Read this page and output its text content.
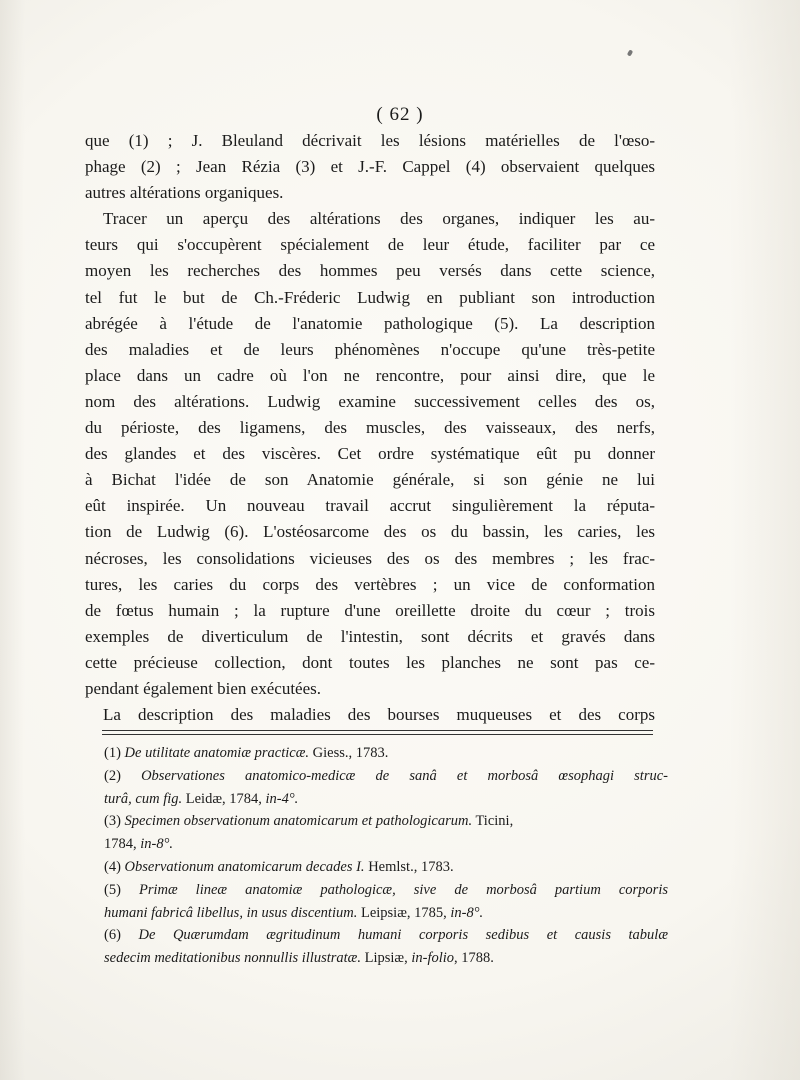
( 62 )
que (1) ; J. Bleuland décrivait les lésions matérielles de l'œso-
phage (2) ; Jean Rézia (3) et J.-F. Cappel (4) observaient quelques
autres altérations organiques.
Tracer un aperçu des altérations des organes, indiquer les au-
teurs qui s'occupèrent spécialement de leur étude, faciliter par ce
moyen les recherches des hommes peu versés dans cette science,
tel fut le but de Ch.-Fréderic Ludwig en publiant son introduction
abrégée à l'étude de l'anatomie pathologique (5). La description
des maladies et de leurs phénomènes n'occupe qu'une très-petite
place dans un cadre où l'on ne rencontre, pour ainsi dire, que le
nom des altérations. Ludwig examine successivement celles des os,
du périoste, des ligamens, des muscles, des vaisseaux, des nerfs,
des glandes et des viscères. Cet ordre systématique eût pu donner
à Bichat l'idée de son Anatomie générale, si son génie ne lui
eût inspirée. Un nouveau travail accrut singulièrement la réputa-
tion de Ludwig (6). L'ostéosarcome des os du bassin, les caries, les
nécroses, les consolidations vicieuses des os des membres ; les frac-
tures, les caries du corps des vertèbres ; un vice de conformation
de fœtus humain ; la rupture d'une oreillette droite du cœur ; trois
exemples de diverticulum de l'intestin, sont décrits et gravés dans
cette précieuse collection, dont toutes les planches ne sont pas ce-
pendant également bien exécutées.
La description des maladies des bourses muqueuses et des corps
(1) De utilitate anatomiæ practicæ. Giess., 1783.
(2) Observationes anatomico-medicæ de sanâ et morbosâ œsophagi struc-
turâ, cum fig. Leidæ, 1784, in-4°.
(3) Specimen observationum anatomicarum et pathologicarum. Ticini,
1784, in-8°.
(4) Observationum anatomicarum decades I. Hemlst., 1783.
(5) Primæ lineæ anatomiæ pathologicæ, sive de morbosâ partium corporis
humani fabricâ libellus, in usus discentium. Leipsiæ, 1785, in-8°.
(6) De Quærumdam ægritudinum humani corporis sedibus et causis tabulæ
sedecim meditationibus nonnullis illustratæ. Lipsiæ, in-folio, 1788.
